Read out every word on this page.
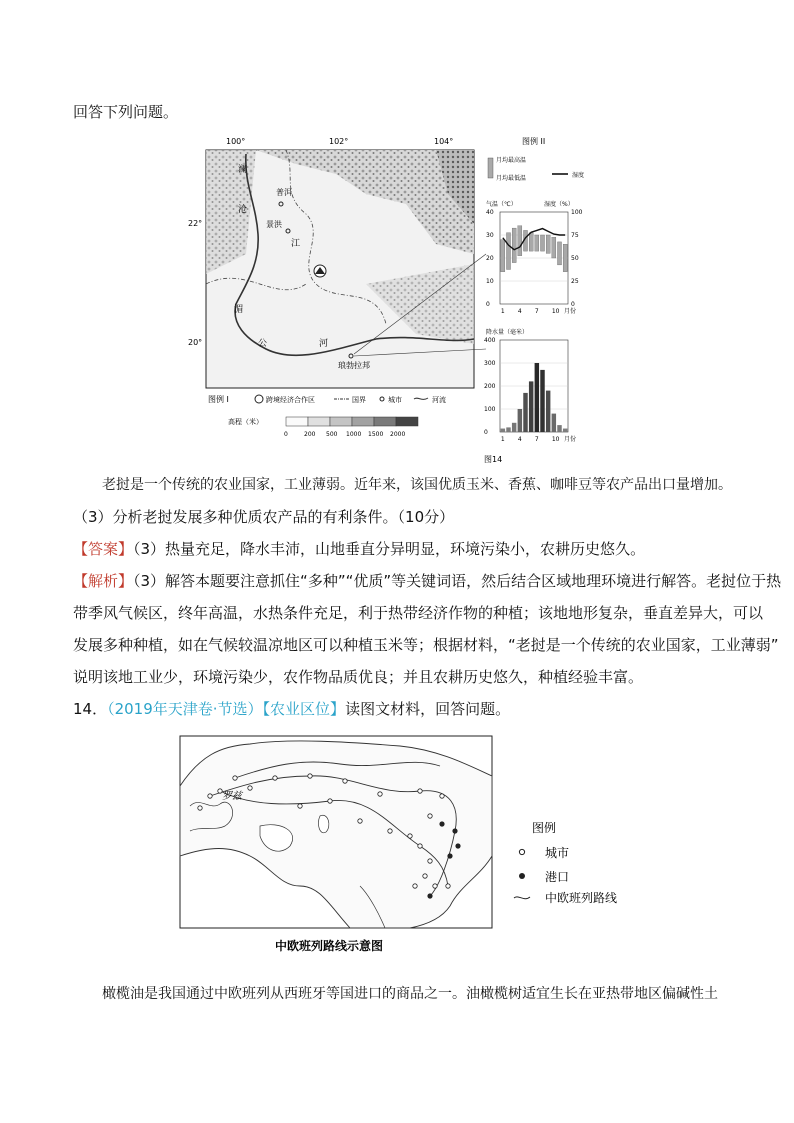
回答下列问题。
100°	102°	104°
22°
20°
澜
沧
江
湄
公	河
普洱
景洪
琅勃拉邦
图例 I	跨境经济合作区	国界	城市	河流
高程（米）
0	200 500 1000 1500 2000
图例 II
月均最高温
月均最低温	湿度
气温（℃）	湿度（%）
降水量（毫米）
图14
40
30
20
10
0
100
75
50
25
0
1 4 7 10 月份
400
300
200
100
0
1 4 7 10 月份
老挝是一个传统的农业国家，工业薄弱。近年来，该国优质玉米、香蕉、咖啡豆等农产品出口量增加。
（3）分析老挝发展多种优质农产品的有利条件。（10分）
【答案】（3）热量充足，降水丰沛，山地垂直分异明显，环境污染小，农耕历史悠久。
【解析】（3）解答本题要注意抓住“多种”“优质”等关键词语，然后结合区域地理环境进行解答。老挝位于热
带季风气候区，终年高温，水热条件充足，利于热带经济作物的种植；该地地形复杂，垂直差异大，可以
发展多种种植，如在气候较温凉地区可以种植玉米等；根据材料，“老挝是一个传统的农业国家，工业薄弱”
说明该地工业少，环境污染少，农作物品质优良；并且农耕历史悠久，种植经验丰富。
14．（2019年天津卷·节选）【农业区位】读图文材料，回答问题。
罗兹
中欧班列路线示意图
图例
城市
港口
中欧班列路线
橄榄油是我国通过中欧班列从西班牙等国进口的商品之一。油橄榄树适宜生长在亚热带地区偏碱性土
